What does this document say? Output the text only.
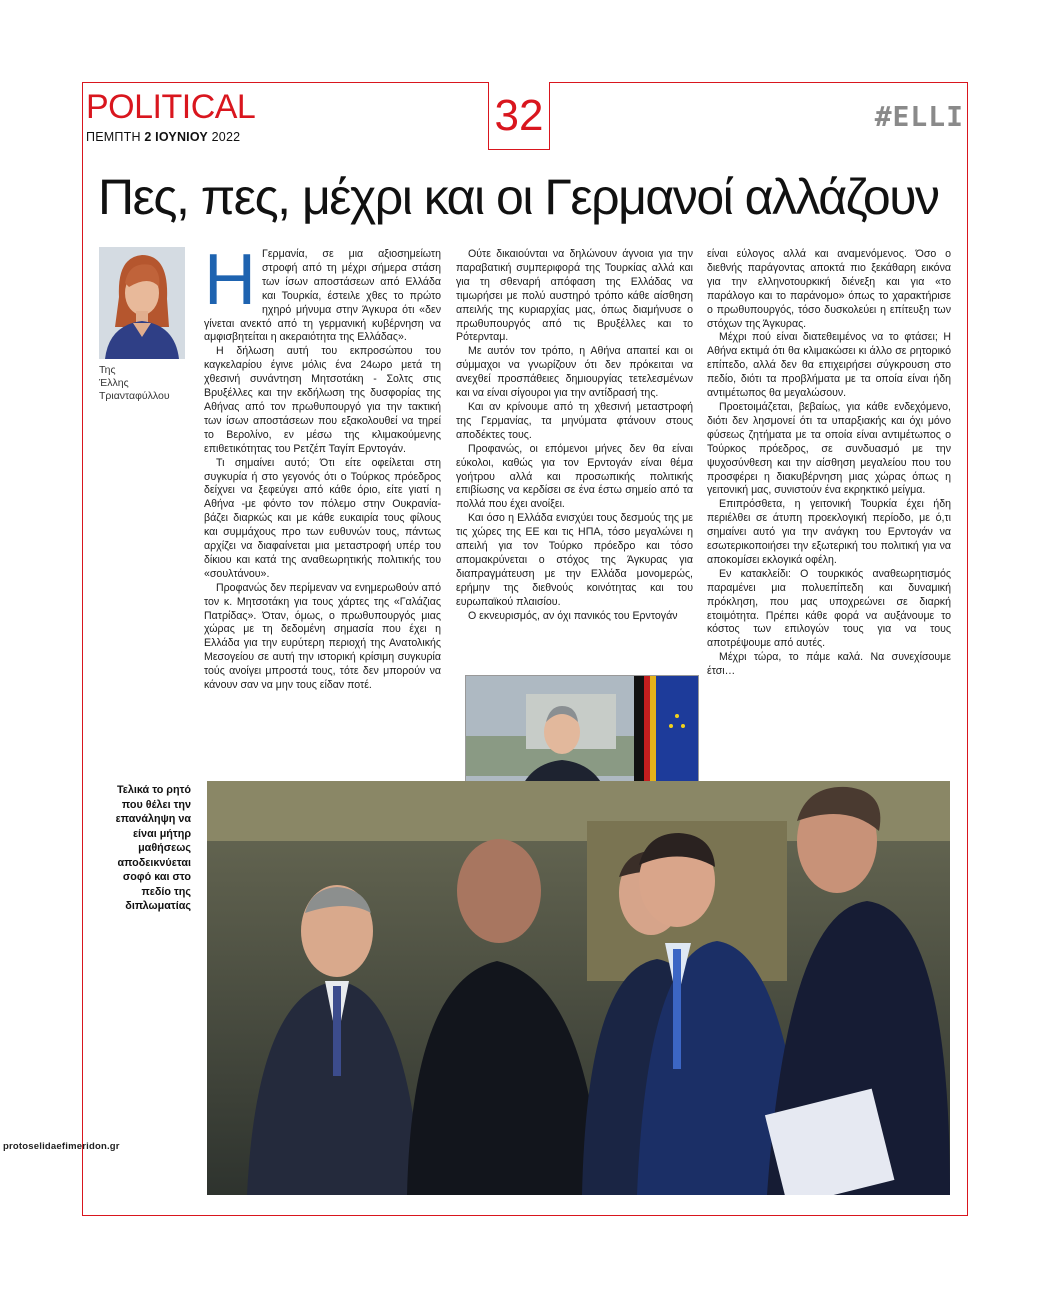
POLITICAL
ΠΕΜΠΤΗ 2 ΙΟΥΝΙΟΥ 2022	32	#ELLI
Πες, πες, μέχρι και οι Γερμανοί αλλάζουν
Της
Έλλης
Τριανταφύλλου

Η Γερμανία, σε μια αξιοσημείωτη στροφή από τη μέχρι σήμερα στάση των ίσων αποστάσεων από Ελλάδα και Τουρκία, έστειλε χθες το πρώτο ηχηρό μήνυμα στην Άγκυρα ότι «δεν γίνεται ανεκτό από τη γερμανική κυβέρνηση να αμφισβητείται η ακεραιότητα της Ελλάδας».

Η δήλωση αυτή του εκπροσώπου του καγκελαρίου έγινε μόλις ένα 24ωρο μετά τη χθεσινή συνάντηση Μητσοτάκη - Σολτς στις Βρυξέλλες και την εκδήλωση της δυσφορίας της Αθήνας από τον πρωθυπουργό για την τακτική των ίσων αποστάσεων που εξακολουθεί να τηρεί το Βερολίνο, εν μέσω της κλιμακούμενης επιθετικότητας του Ρετζέπ Ταγίπ Ερντογάν.

Τι σημαίνει αυτό; Ότι είτε οφείλεται στη συγκυρία ή στο γεγονός ότι ο Τούρκος πρόεδρος δείχνει να ξεφεύγει από κάθε όριο, είτε γιατί η Αθήνα -με φόντο τον πόλεμο στην Ουκρανία- βάζει διαρκώς και με κάθε ευκαιρία τους φίλους και συμμάχους προ των ευθυνών τους, πάντως αρχίζει να διαφαίνεται μια μεταστροφή υπέρ του δίκιου και κατά της αναθεωρητικής πολιτικής του «σουλτάνου».

Προφανώς δεν περίμεναν να ενημερωθούν από τον κ. Μητσοτάκη για τους χάρτες της «Γαλάζιας Πατρίδας». Όταν, όμως, ο πρωθυπουργός μιας χώρας με τη δεδομένη σημασία που έχει η Ελλάδα για την ευρύτερη περιοχή της Ανατολικής Μεσογείου σε αυτή την ιστορική κρίσιμη συγκυρία τούς ανοίγει μπροστά τους, τότε δεν μπορούν να κάνουν σαν να μην τους είδαν ποτέ.

Ούτε δικαιούνται να δηλώνουν άγνοια για την παραβατική συμπεριφορά της Τουρκίας αλλά και για τη σθεναρή απόφαση της Ελλάδας να τιμωρήσει με πολύ αυστηρό τρόπο κάθε αίσθηση απειλής της κυριαρχίας μας, όπως διαμήνυσε ο πρωθυπουργός από τις Βρυξέλλες και το Ρότερνταμ.

Με αυτόν τον τρόπο, η Αθήνα απαιτεί και οι σύμμαχοι να γνωρίζουν ότι δεν πρόκειται να ανεχθεί προσπάθειες δημιουργίας τετελεσμένων και να είναι σίγουροι για την αντίδρασή της.

Και αν κρίνουμε από τη χθεσινή μεταστροφή της Γερμανίας, τα μηνύματα φτάνουν στους αποδέκτες τους.

Προφανώς, οι επόμενοι μήνες δεν θα είναι εύκολοι, καθώς για τον Ερντογάν είναι θέμα γοήτρου αλλά και προσωπικής πολιτικής επιβίωσης να κερδίσει σε ένα έστω σημείο από τα πολλά που έχει ανοίξει.

Και όσο η Ελλάδα ενισχύει τους δεσμούς της με τις χώρες της ΕΕ και τις ΗΠΑ, τόσο μεγαλώνει η απειλή για τον Τούρκο πρόεδρο και τόσο απομακρύνεται ο στόχος της Άγκυρας για διαπραγμάτευση με την Ελλάδα μονομερώς, ερήμην της διεθνούς κοινότητας και του ευρωπαϊκού πλαισίου.

Ο εκνευρισμός, αν όχι πανικός του Ερντογάν

είναι εύλογος αλλά και αναμενόμενος. Όσο ο διεθνής παράγοντας αποκτά πιο ξεκάθαρη εικόνα για την ελληνοτουρκική διένεξη και για «το παράλογο και το παράνομο» όπως το χαρακτήρισε ο πρωθυπουργός, τόσο δυσκολεύει η επίτευξη των στόχων της Άγκυρας.

Μέχρι πού είναι διατεθειμένος να το φτάσει; Η Αθήνα εκτιμά ότι θα κλιμακώσει κι άλλο σε ρητορικό επίπεδο, αλλά δεν θα επιχειρήσει σύγκρουση στο πεδίο, διότι τα προβλήματα με τα οποία είναι ήδη αντιμέτωπος θα μεγαλώσουν.

Προετοιμάζεται, βεβαίως, για κάθε ενδεχόμενο, διότι δεν λησμονεί ότι τα υπαρξιακής και όχι μόνο φύσεως ζητήματα με τα οποία είναι αντιμέτωπος ο Τούρκος πρόεδρος, σε συνδυασμό με την ψυχοσύνθεση και την αίσθηση μεγαλείου που του προσφέρει η διακυβέρνηση μιας χώρας όπως η γειτονική μας, συνιστούν ένα εκρηκτικό μείγμα.

Επιπρόσθετα, η γειτονική Τουρκία έχει ήδη περιέλθει σε άτυπη προεκλογική περίοδο, με ό,τι σημαίνει αυτό για την ανάγκη του Ερντογάν να εσωτερικοποιήσει την εξωτερική του πολιτική για να αποκομίσει εκλογικά οφέλη.

Εν κατακλείδι: Ο τουρκικός αναθεωρητισμός παραμένει μια πολυεπίπεδη και δυναμική πρόκληση, που μας υποχρεώνει σε διαρκή ετοιμότητα. Πρέπει κάθε φορά να αυξάνουμε το κόστος των επιλογών τους για να τους αποτρέψουμε από αυτές.

Μέχρι τώρα, το πάμε καλά. Να συνεχίσουμε έτσι…

Τελικά το ρητό που θέλει την επανάληψη να είναι μήτηρ μαθήσεως αποδεικνύεται σοφό και στο πεδίο της διπλωματίας
protoselidaefimeridon.gr
